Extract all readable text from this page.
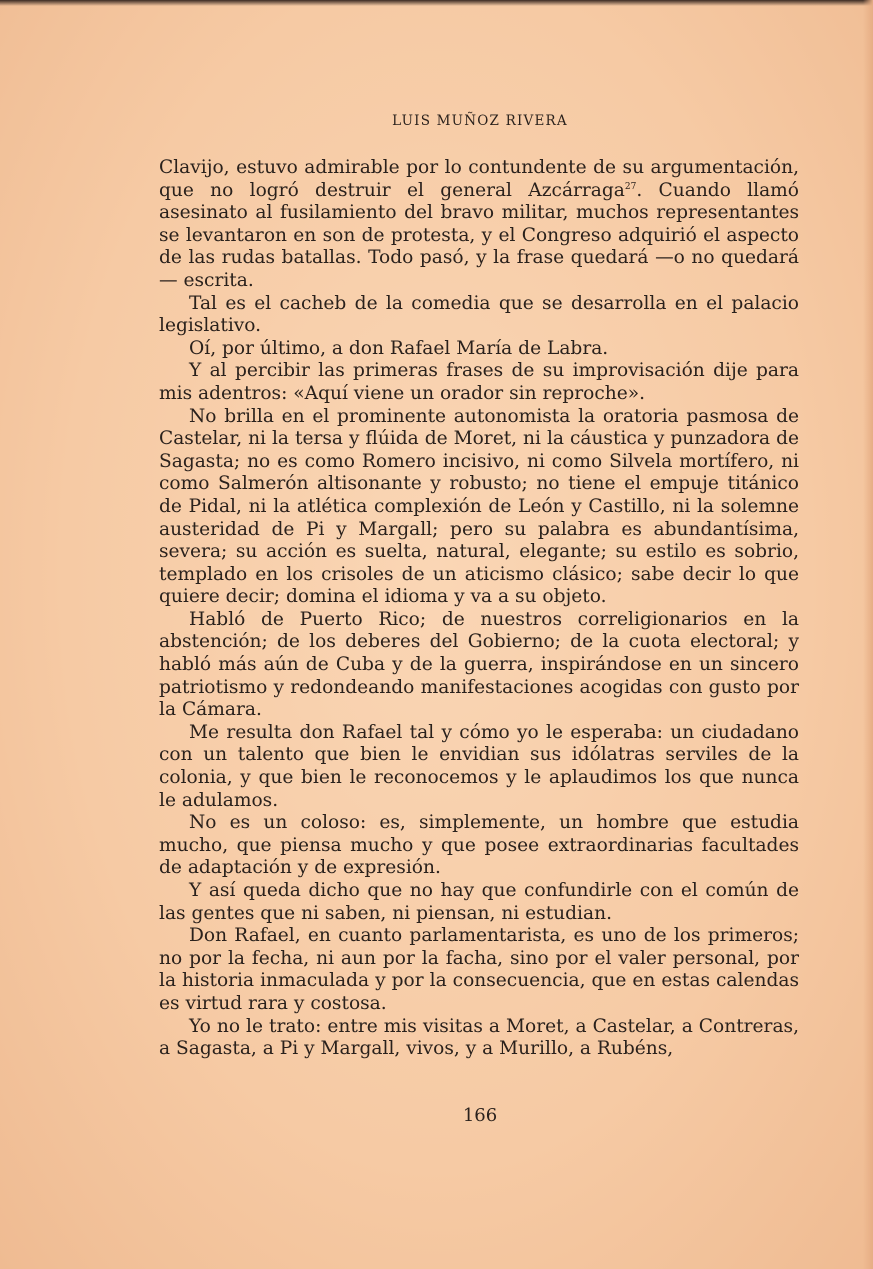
LUIS MUÑOZ RIVERA

Clavijo, estuvo admirable por lo contundente de su argumentación, que no logró destruir el general Azcárraga$^{27}$. Cuando llamó asesinato al fusilamiento del bravo militar, muchos representantes se levantaron en son de protesta, y el Congreso adquirió el aspecto de las rudas batallas. Todo pasó, y la frase quedará —o no quedará— escrita.

Tal es el cacheb de la comedia que se desarrolla en el palacio legislativo.

Oí, por último, a don Rafael María de Labra.

Y al percibir las primeras frases de su improvisación dije para mis adentros: «Aquí viene un orador sin reproche».

No brilla en el prominente autonomista la oratoria pasmosa de Castelar, ni la tersa y flúida de Moret, ni la cáustica y punzadora de Sagasta; no es como Romero incisivo, ni como Silvela mortífero, ni como Salmerón altisonante y robusto; no tiene el empuje titánico de Pidal, ni la atlética complexión de León y Castillo, ni la solemne austeridad de Pi y Margall; pero su palabra es abundantísima, severa; su acción es suelta, natural, elegante; su estilo es sobrio, templado en los crisoles de un aticismo clásico; sabe decir lo que quiere decir; domina el idioma y va a su objeto.

Habló de Puerto Rico; de nuestros correligionarios en la abstención; de los deberes del Gobierno; de la cuota electoral; y habló más aún de Cuba y de la guerra, inspirándose en un sincero patriotismo y redondeando manifestaciones acogidas con gusto por la Cámara.

Me resulta don Rafael tal y cómo yo le esperaba: un ciudadano con un talento que bien le envidian sus idólatras serviles de la colonia, y que bien le reconocemos y le aplaudimos los que nunca le adulamos.

No es un coloso: es, simplemente, un hombre que estudia mucho, que piensa mucho y que posee extraordinarias facultades de adaptación y de expresión.

Y así queda dicho que no hay que confundirle con el común de las gentes que ni saben, ni piensan, ni estudian.

Don Rafael, en cuanto parlamentarista, es uno de los primeros; no por la fecha, ni aun por la facha, sino por el valer personal, por la historia inmaculada y por la consecuencia, que en estas calendas es virtud rara y costosa.

Yo no le trato: entre mis visitas a Moret, a Castelar, a Contreras, a Sagasta, a Pi y Margall, vivos, y a Murillo, a Rubéns,

166
